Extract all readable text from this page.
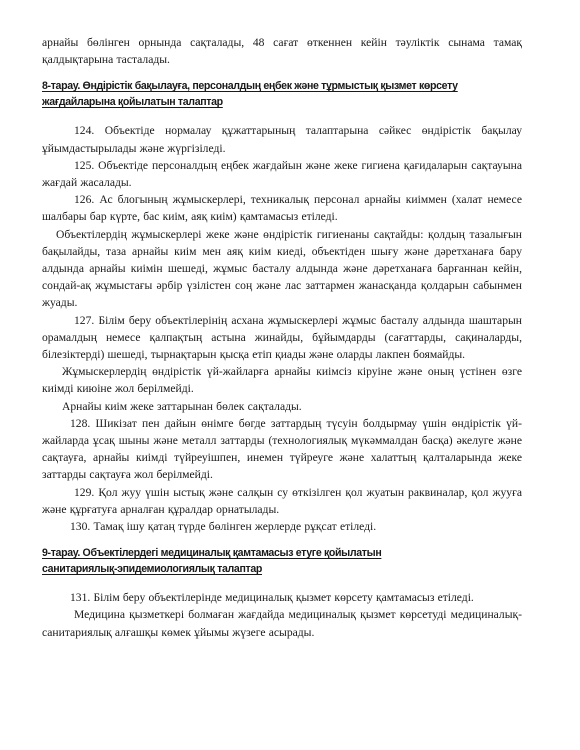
арнайы бөлінген орнында сақталады, 48 сағат өткеннен кейін тәуліктік сынама тамақ қалдықтарына тасталады.

8-тарау. Өндірістік бақылауға, персоналдың еңбек және тұрмыстық қызмет көрсету

жағдайларына қойылатын талаптар

124. Объектіде нормалау құжаттарының талаптарына сәйкес өндірістік бақылау ұйымдастырылады және жүргізіледі.

125. Объектіде персоналдың еңбек жағдайын және жеке гигиена қағидаларын сақтауына жағдай жасалады.

126. Ас блогының жұмыскерлері, техникалық персонал арнайы киіммен (халат немесе шалбары бар күрте, бас киім, аяқ киім) қамтамасыз етіледі.

Объектілердің жұмыскерлері жеке және өндірістік гигиенаны сақтайды: қолдың тазалығын бақылайды, таза арнайы киім мен аяқ киім киеді, объектіден шығу және дәретханаға бару алдында арнайы киімін шешеді, жұмыс басталу алдында және дәретханаға барғаннан кейін, сондай-ақ жұмыстағы әрбір үзілістен соң және лас заттармен жанасқанда қолдарын сабынмен жуады.

127. Білім беру объектілерінің асхана жұмыскерлері жұмыс басталу алдында шаштарын орамалдың немесе қалпақтың астына жинайды, бұйымдарды (сағаттарды, сақиналарды, білезіктерді) шешеді, тырнақтарын қысқа етіп қиады және оларды лакпен боямайды.

Жұмыскерлердің өндірістік үй-жайларға арнайы киімсіз кіруіне және оның үстінен өзге киімді киюіне жол берілмейді.

Арнайы киім жеке заттарынан бөлек сақталады.

128. Шикізат пен дайын өнімге бөгде заттардың түсуін болдырмау үшін өндірістік үй-жайларда ұсақ шыны және металл заттарды (технологиялық мүкәммалдан басқа) әкелуге және сақтауға, арнайы киімді түйреуішпен, инемен түйреуге және халаттың қалталарында жеке заттарды сақтауға жол берілмейді.

129. Қол жуу үшін ыстық және салқын су өткізілген қол жуатын раквиналар, қол жууға және құрғатуға арналған құралдар орнатылады.

130. Тамақ ішу қатаң түрде бөлінген жерлерде рұқсат етіледі.

9-тарау. Объектілердегі медициналық қамтамасыз етуге қойылатын

санитариялық-эпидемиологиялық талаптар

131. Білім беру объектілерінде медициналық қызмет көрсету қамтамасыз етіледі.

Медицина қызметкері болмаған жағдайда медициналық қызмет көрсетуді медициналық-санитариялық алғашқы көмек ұйымы жүзеге асырады.
